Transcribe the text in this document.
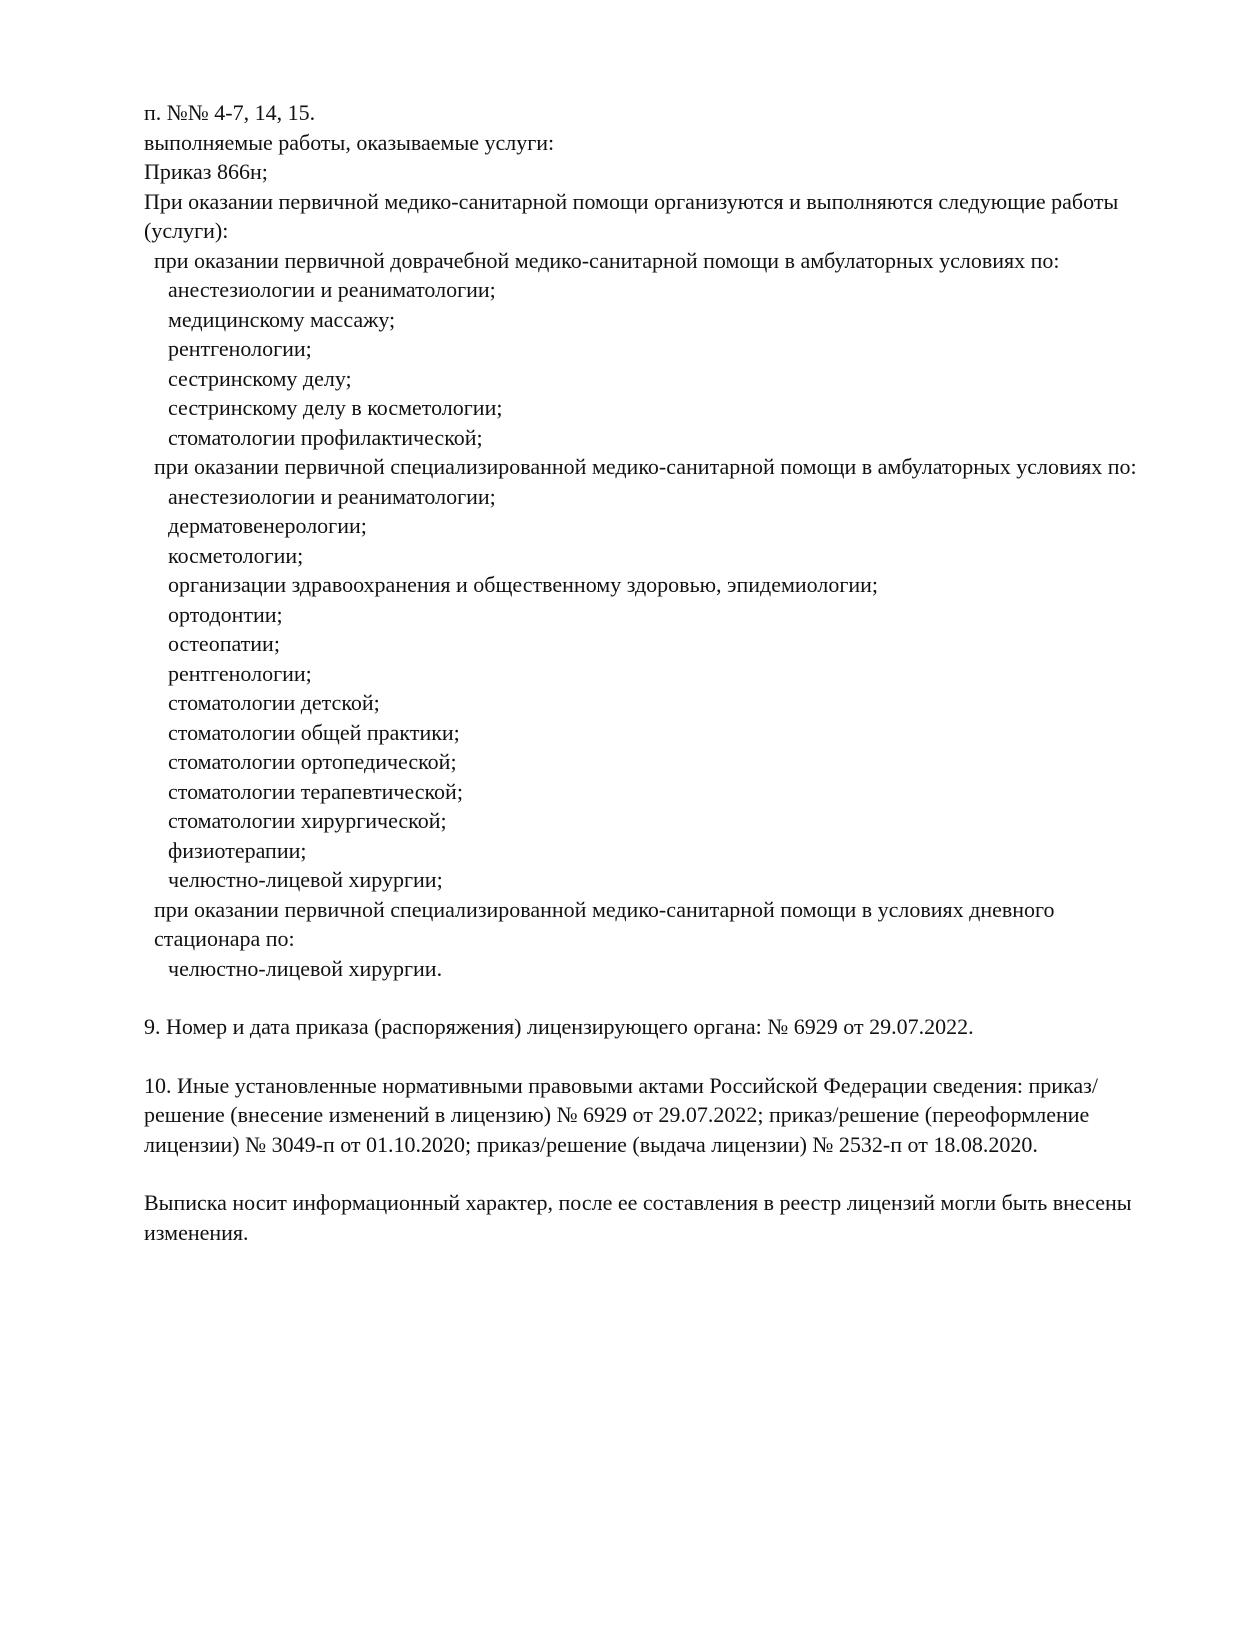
п. №№ 4-7, 14, 15.
выполняемые работы, оказываемые услуги:
Приказ 866н;
При оказании первичной медико-санитарной помощи организуются и выполняются следующие работы (услуги):
при оказании первичной доврачебной медико-санитарной помощи в амбулаторных условиях по:
анестезиологии и реаниматологии;
медицинскому массажу;
рентгенологии;
сестринскому делу;
сестринскому делу в косметологии;
стоматологии профилактической;
при оказании первичной специализированной медико-санитарной помощи в амбулаторных условиях по:
анестезиологии и реаниматологии;
дерматовенерологии;
косметологии;
организации здравоохранения и общественному здоровью, эпидемиологии;
ортодонтии;
остеопатии;
рентгенологии;
стоматологии детской;
стоматологии общей практики;
стоматологии ортопедической;
стоматологии терапевтической;
стоматологии хирургической;
физиотерапии;
челюстно-лицевой хирургии;
при оказании первичной специализированной медико-санитарной помощи в условиях дневного стационара по:
челюстно-лицевой хирургии.
9. Номер и дата приказа (распоряжения) лицензирующего органа: № 6929 от 29.07.2022.
10. Иные установленные нормативными правовыми актами Российской Федерации сведения: приказ/решение (внесение изменений в лицензию) № 6929 от 29.07.2022; приказ/решение (переоформление лицензии) № 3049-п от 01.10.2020; приказ/решение (выдача лицензии) № 2532-п от 18.08.2020.
Выписка носит информационный характер, после ее составления в реестр лицензий могли быть внесены изменения.
